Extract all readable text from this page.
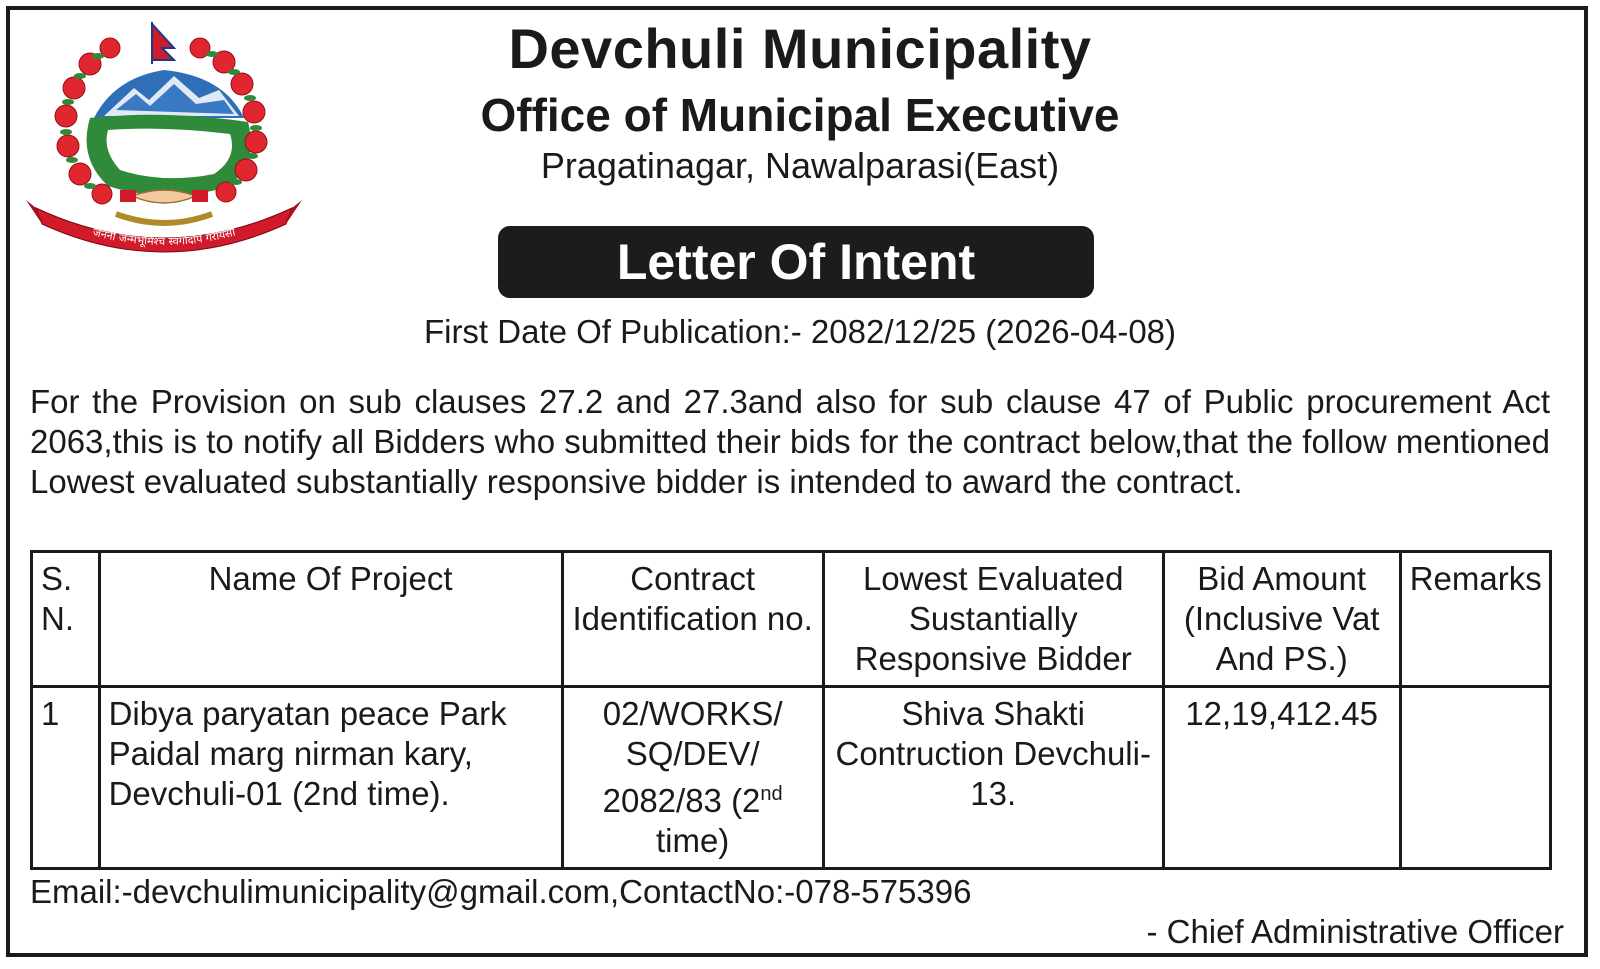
जननी जन्मभूमिश्च स्वर्गादपि गरीयसी
Devchuli Municipality
Office of Municipal Executive
Pragatinagar, Nawalparasi(East)
Letter Of Intent
First Date Of Publication:- 2082/12/25 (2026-04-08)

For the Provision on sub clauses 27.2 and 27.3and also for sub clause 47 of Public procurement Act 2063,this is to notify all Bidders who submitted their bids for the contract below,that the follow mentioned Lowest evaluated substantially responsive bidder is intended to award the contract.

S. N.	Name Of Project	Contract Identification no.	Lowest Evaluated Sustantially Responsive Bidder	Bid Amount (Inclusive Vat And PS.)	Remarks
1	Dibya paryatan peace Park Paidal marg nirman kary, Devchuli-01 (2nd time).	02/WORKS/ SQ/DEV/ 2082/83 (2nd time)	Shiva Shakti Contruction Devchuli-13.	12,19,412.45	
Email:-devchulimunicipality@gmail.com,ContactNo:-078-575396
- Chief Administrative Officer
